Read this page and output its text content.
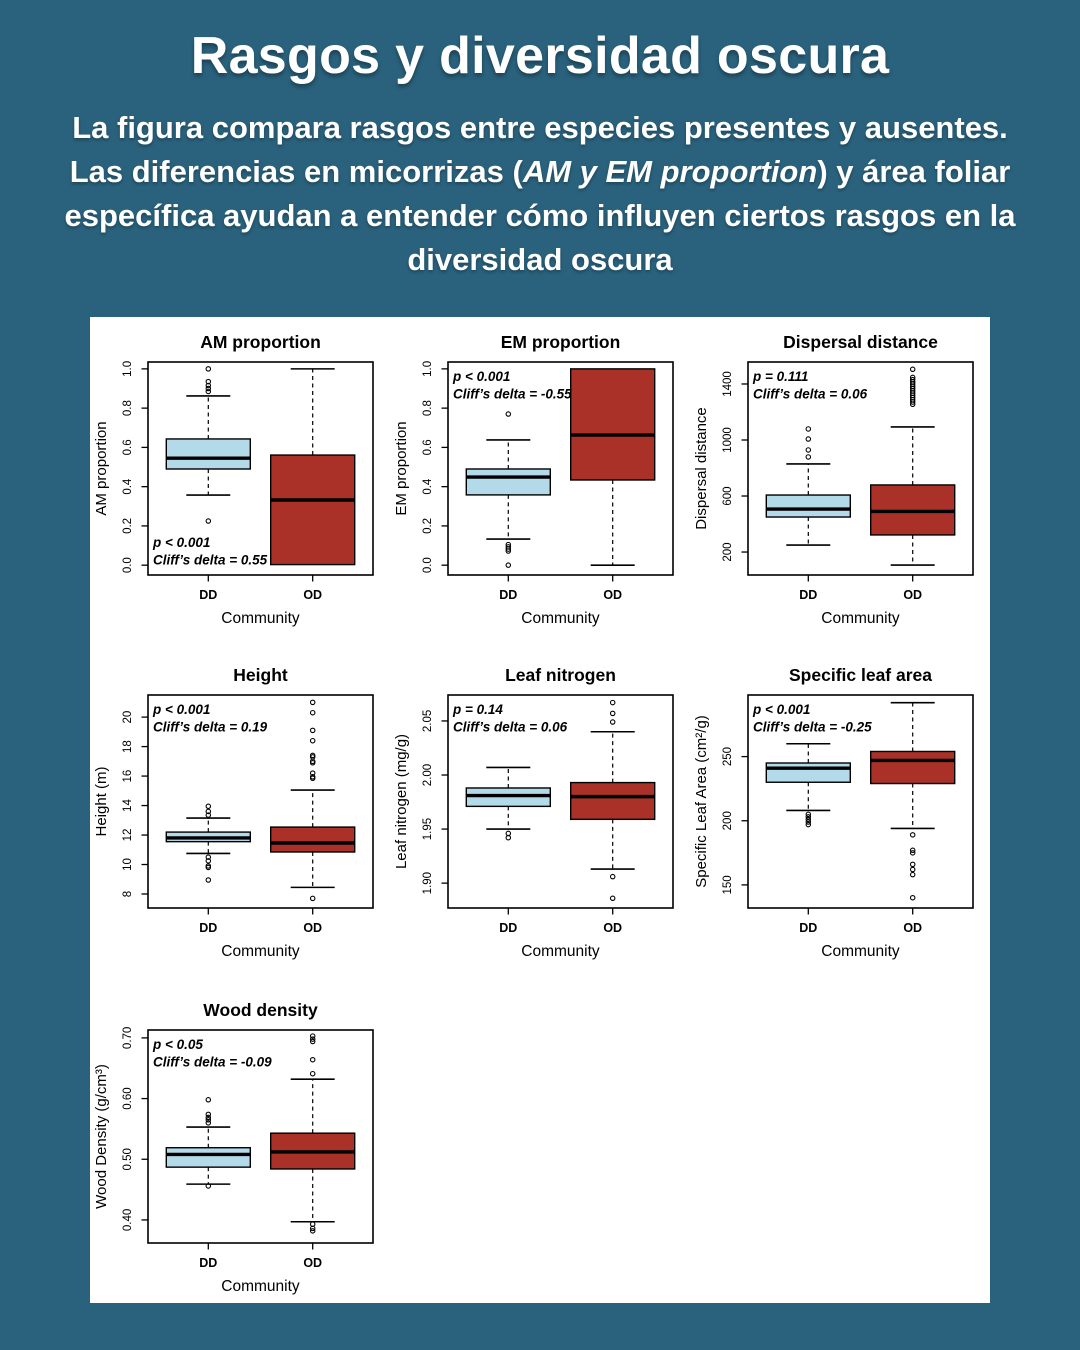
Rasgos y diversidad oscura

La figura compara rasgos entre especies presentes y ausentes.  Las diferencias en micorrizas (AM y EM proportion) y área foliar específica ayudan a entender cómo influyen ciertos rasgos en la diversidad oscura

AM proportion
AM proportion
0.0
0.2
0.4
0.6
0.8
1.0
DD	OD
Community
p < 0.001
Cliff’s delta = 0.55
EM proportion
EM proportion
0.0
0.2
0.4
0.6
0.8
1.0
DD	OD
Community
p < 0.001
Cliff’s delta = -0.55
Dispersal distance
Dispersal distance
200
600
1000
1400
DD	OD
Community
p = 0.111
Cliff’s delta = 0.06
Height
Height (m)
8
10
12
14
16
18
20
DD	OD
Community
p < 0.001
Cliff’s delta = 0.19
Leaf nitrogen
Leaf nitrogen (mg/g)
1.90
1.95
2.00
2.05
DD	OD
Community
p = 0.14
Cliff’s delta = 0.06
Specific leaf area
Specific Leaf Area (cm²/g) 150
200
250
DD	OD
Community
p < 0.001
Cliff’s delta = -0.25
Wood density
Wood Density (g/cm³)
0.40
0.50
0.60
0.70
DD	OD
Community
p < 0.05
Cliff’s delta = -0.09
